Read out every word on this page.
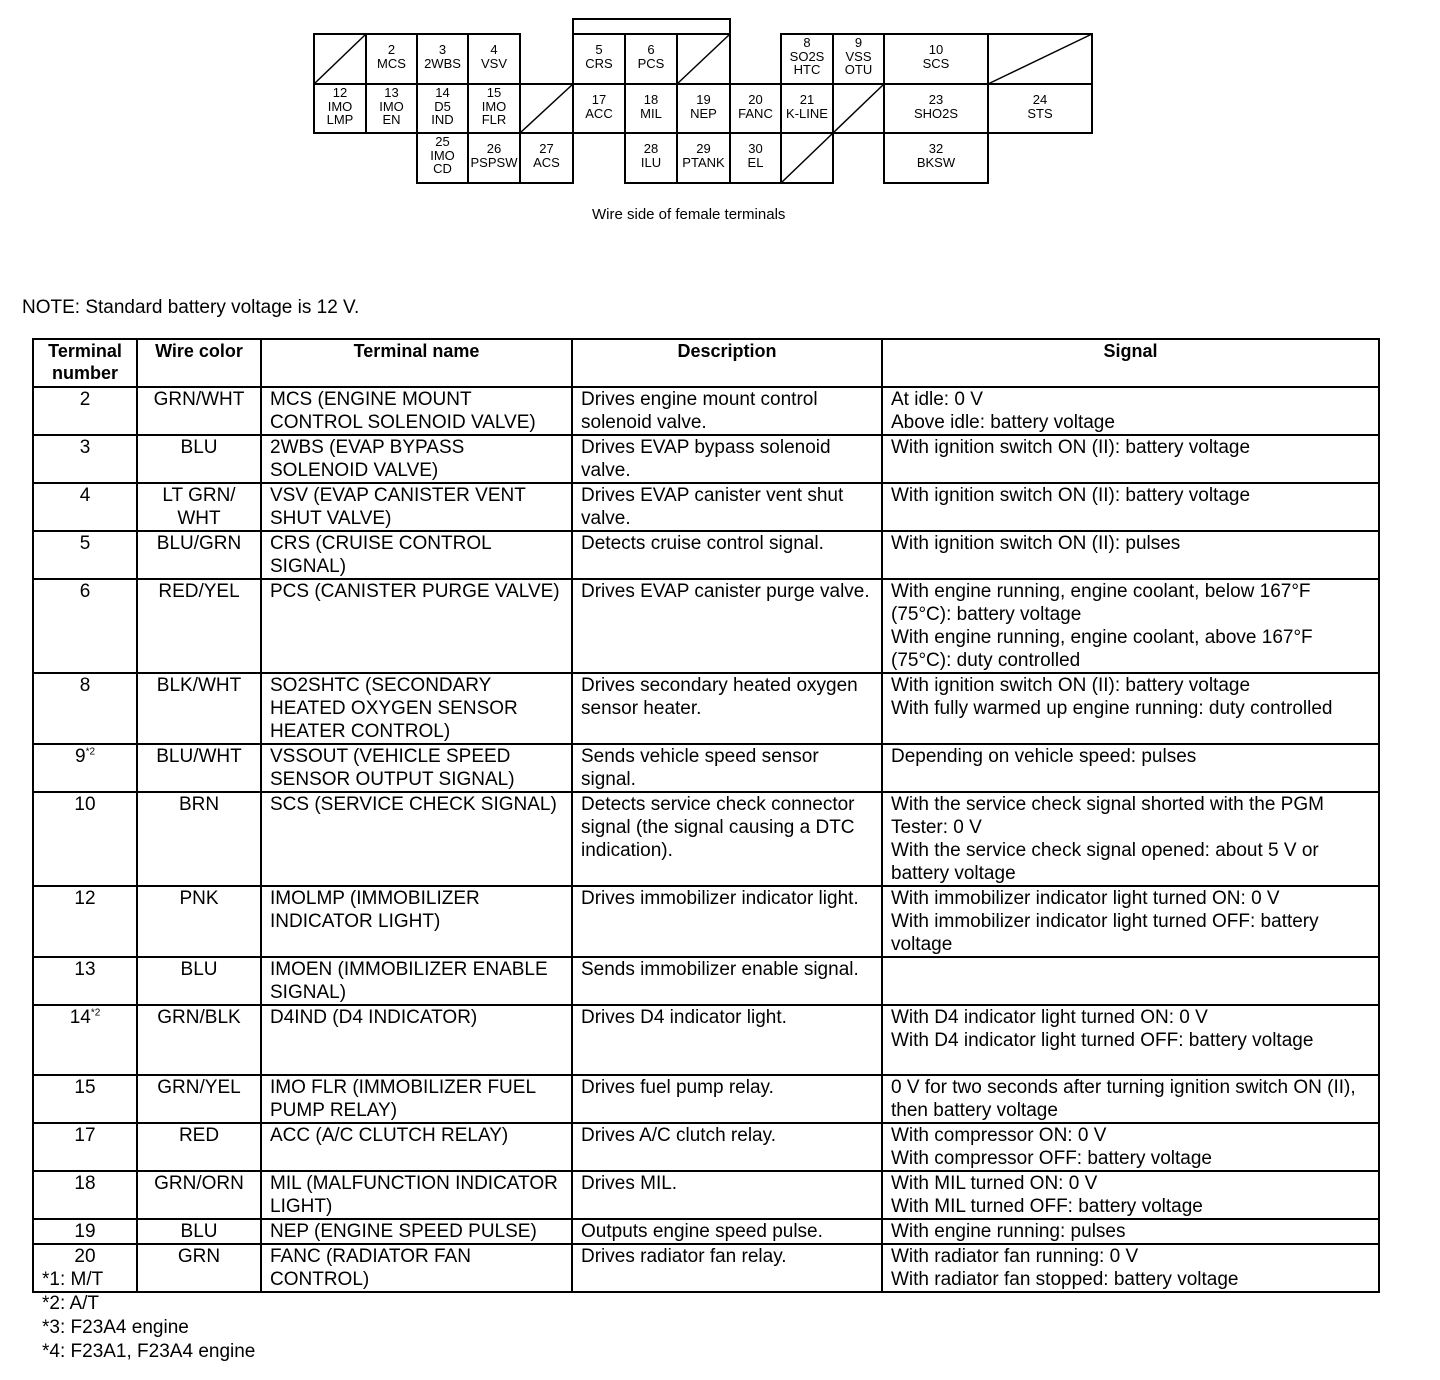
2
MCS
3
2WBS
4
VSV
5
CRS
6
PCS
8
SO2S
HTC
9
VSS
OTU
10
SCS
12
IMO
LMP
13
IMO
EN
14
D5
IND
15
IMO
FLR
17
ACC
18
MIL
19
NEP
20
FANC
21
K-LINE
23
SHO2S
24
STS
25
IMO
CD
26
PSPSW
27
ACS
28
ILU
29
PTANK
30
EL
32
BKSW
Wire side of female terminals
NOTE: Standard battery voltage is 12 V.
Terminal number	Wire color	Terminal name	Description	Signal
2	GRN/WHT	MCS (ENGINE MOUNT CONTROL SOLENOID VALVE)	Drives engine mount control solenoid valve.	At idle: 0 V
Above idle: battery voltage
3	BLU	2WBS (EVAP BYPASS SOLENOID VALVE)	Drives EVAP bypass solenoid valve.	With ignition switch ON (II): battery voltage
4	LT GRN/ WHT	VSV (EVAP CANISTER VENT SHUT VALVE)	Drives EVAP canister vent shut valve.	With ignition switch ON (II): battery voltage
5	BLU/GRN	CRS (CRUISE CONTROL SIGNAL)	Detects cruise control signal.	With ignition switch ON (II): pulses
6	RED/YEL	PCS (CANISTER PURGE VALVE)	Drives EVAP canister purge valve.	With engine running, engine coolant, below 167°F (75°C): battery voltage
With engine running, engine coolant, above 167°F (75°C): duty controlled
8	BLK/WHT	SO2SHTC (SECONDARY HEATED OXYGEN SENSOR HEATER CONTROL)	Drives secondary heated oxygen sensor heater.	With ignition switch ON (II): battery voltage
With fully warmed up engine running: duty controlled
9$^{*2}$	BLU/WHT	VSSOUT (VEHICLE SPEED SENSOR OUTPUT SIGNAL)	Sends vehicle speed sensor signal.	Depending on vehicle speed: pulses
10	BRN	SCS (SERVICE CHECK SIGNAL)	Detects service check connector signal (the signal causing a DTC indication).	With the service check signal shorted with the PGM Tester: 0 V
With the service check signal opened: about 5 V or battery voltage
12	PNK	IMOLMP (IMMOBILIZER INDICATOR LIGHT)	Drives immobilizer indicator light.	With immobilizer indicator light turned ON: 0 V
With immobilizer indicator light turned OFF: battery voltage
13	BLU	IMOEN (IMMOBILIZER ENABLE SIGNAL)	Sends immobilizer enable signal.	
14$^{*2}$	GRN/BLK	D4IND (D4 INDICATOR)	Drives D4 indicator light.	With D4 indicator light turned ON: 0 V
With D4 indicator light turned OFF: battery voltage
15	GRN/YEL	IMO FLR (IMMOBILIZER FUEL PUMP RELAY)	Drives fuel pump relay.	0 V for two seconds after turning ignition switch ON (II), then battery voltage
17	RED	ACC (A/C CLUTCH RELAY)	Drives A/C clutch relay.	With compressor ON: 0 V
With compressor OFF: battery voltage
18	GRN/ORN	MIL (MALFUNCTION INDICATOR LIGHT)	Drives MIL.	With MIL turned ON: 0 V
With MIL turned OFF: battery voltage
19	BLU	NEP (ENGINE SPEED PULSE)	Outputs engine speed pulse.	With engine running: pulses
20	GRN	FANC (RADIATOR FAN CONTROL)	Drives radiator fan relay.	With radiator fan running: 0 V
With radiator fan stopped: battery voltage
*1: M/T
*2: A/T
*3: F23A4 engine
*4: F23A1, F23A4 engine
